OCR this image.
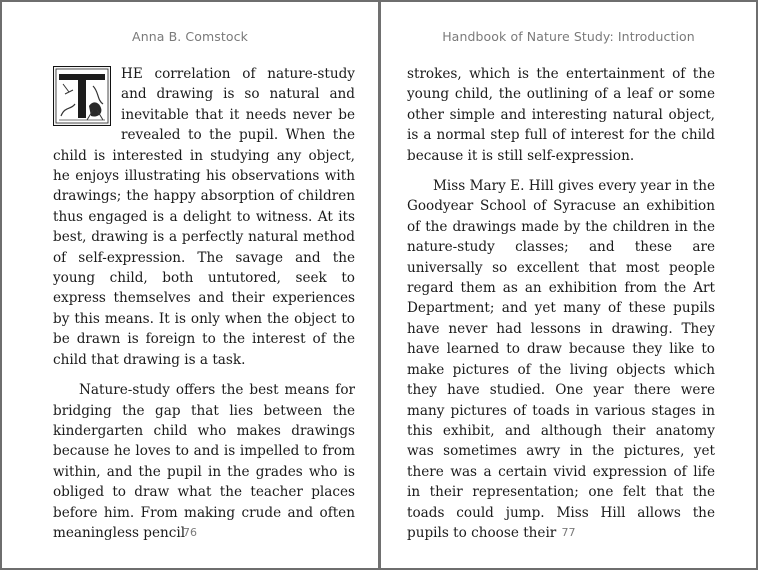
Anna B. Comstock

HE correlation of nature-study and drawing is so natural and inevitable that it needs never be revealed to the pupil. When the child is interested in studying any object, he enjoys illustrating his observations with drawings; the happy absorption of children thus engaged is a delight to witness. At its best, drawing is a perfectly natural method of self-expression. The savage and the young child, both untutored, seek to express themselves and their experiences by this means. It is only when the object to be drawn is foreign to the interest of the child that drawing is a task.

Nature-study offers the best means for bridging the gap that lies between the kindergarten child who makes drawings because he loves to and is impelled to from within, and the pupil in the grades who is obliged to draw what the teacher places before him. From making crude and often meaningless pencil

76
Handbook of Nature Study: Introduction

strokes, which is the entertainment of the young child, the outlining of a leaf or some other simple and interesting natural object, is a normal step full of interest for the child because it is still self-expression.

Miss Mary E. Hill gives every year in the Goodyear School of Syracuse an exhibition of the drawings made by the children in the nature-study classes; and these are universally so excellent that most people regard them as an exhibition from the Art Department; and yet many of these pupils have never had lessons in drawing. They have learned to draw because they like to make pictures of the living objects which they have studied. One year there were many pictures of toads in various stages in this exhibit, and although their anatomy was sometimes awry in the pictures, yet there was a certain vivid expression of life in their representation; one felt that the toads could jump. Miss Hill allows the pupils to choose their 77
